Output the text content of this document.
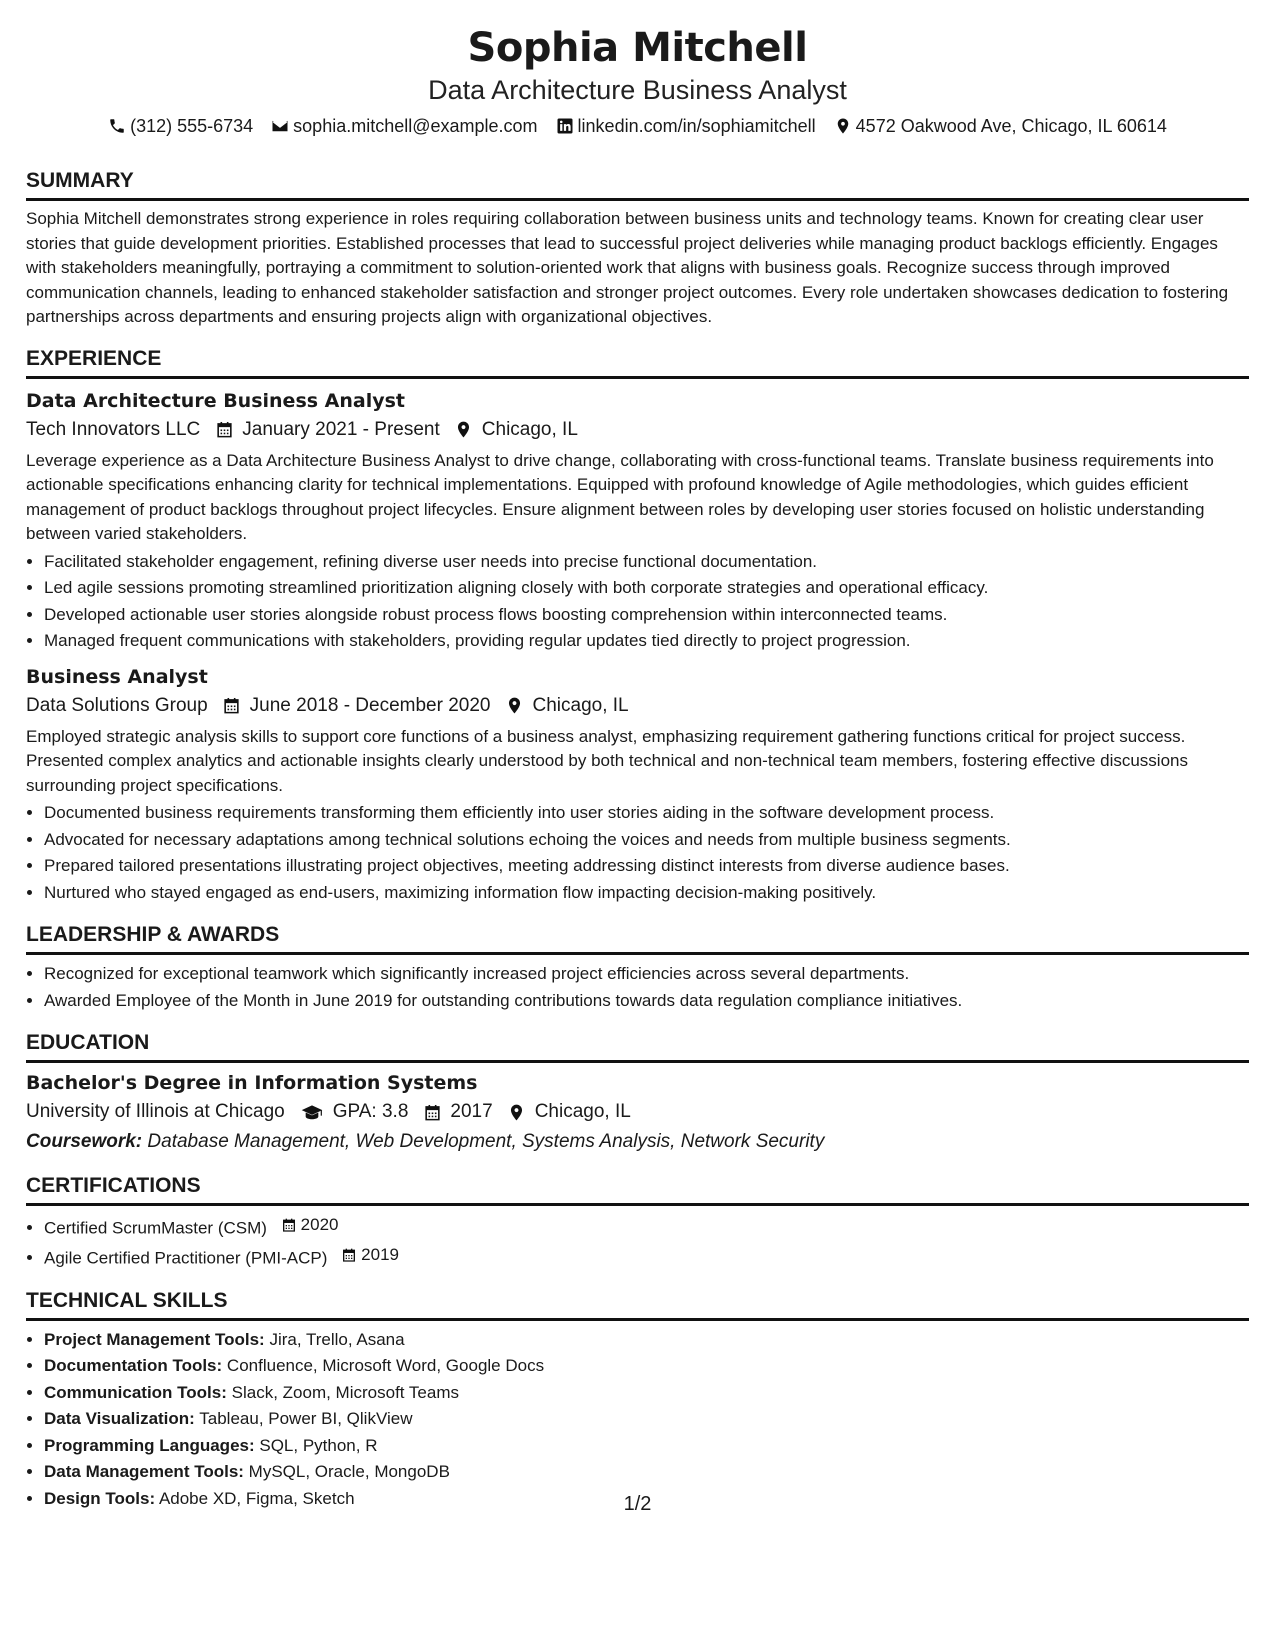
Sophia Mitchell
Data Architecture Business Analyst
(312) 555-6734 sophia.mitchell@example.com linkedin.com/in/sophiamitchell 4572 Oakwood Ave, Chicago, IL 60614
SUMMARY

Sophia Mitchell demonstrates strong experience in roles requiring collaboration between business units and technology teams. Known for creating clear user stories that guide development priorities. Established processes that lead to successful project deliveries while managing product backlogs efficiently. Engages with stakeholders meaningfully, portraying a commitment to solution-oriented work that aligns with business goals. Recognize success through improved communication channels, leading to enhanced stakeholder satisfaction and stronger project outcomes. Every role undertaken showcases dedication to fostering partnerships across departments and ensuring projects align with organizational objectives.

EXPERIENCE
Data Architecture Business Analyst
Tech Innovators LLC January 2021 - Present Chicago, IL

Leverage experience as a Data Architecture Business Analyst to drive change, collaborating with cross-functional teams. Translate business requirements into actionable specifications enhancing clarity for technical implementations. Equipped with profound knowledge of Agile methodologies, which guides efficient management of product backlogs throughout project lifecycles. Ensure alignment between roles by developing user stories focused on holistic understanding between varied stakeholders.

• Facilitated stakeholder engagement, refining diverse user needs into precise functional documentation.
• Led agile sessions promoting streamlined prioritization aligning closely with both corporate strategies and operational efficacy.
• Developed actionable user stories alongside robust process flows boosting comprehension within interconnected teams.
• Managed frequent communications with stakeholders, providing regular updates tied directly to project progression.
Business Analyst
Data Solutions Group June 2018 - December 2020 Chicago, IL

Employed strategic analysis skills to support core functions of a business analyst, emphasizing requirement gathering functions critical for project success. Presented complex analytics and actionable insights clearly understood by both technical and non-technical team members, fostering effective discussions surrounding project specifications.

• Documented business requirements transforming them efficiently into user stories aiding in the software development process.
• Advocated for necessary adaptations among technical solutions echoing the voices and needs from multiple business segments.
• Prepared tailored presentations illustrating project objectives, meeting addressing distinct interests from diverse audience bases.
• Nurtured who stayed engaged as end-users, maximizing information flow impacting decision-making positively.
LEADERSHIP & AWARDS
• Recognized for exceptional teamwork which significantly increased project efficiencies across several departments.
• Awarded Employee of the Month in June 2019 for outstanding contributions towards data regulation compliance initiatives.
EDUCATION
Bachelor's Degree in Information Systems
University of Illinois at Chicago	GPA: 3.8 2017 Chicago, IL
Coursework: Database Management, Web Development, Systems Analysis, Network Security
CERTIFICATIONS
• Certified ScrumMaster (CSM) 2020
• Agile Certified Practitioner (PMI-ACP) 2019
TECHNICAL SKILLS
• Project Management Tools: Jira, Trello, Asana
• Documentation Tools: Confluence, Microsoft Word, Google Docs
• Communication Tools: Slack, Zoom, Microsoft Teams
• Data Visualization: Tableau, Power BI, QlikView
• Programming Languages: SQL, Python, R
• Data Management Tools: MySQL, Oracle, MongoDB
• Design Tools: Adobe XD, Figma, Sketch	1/2
